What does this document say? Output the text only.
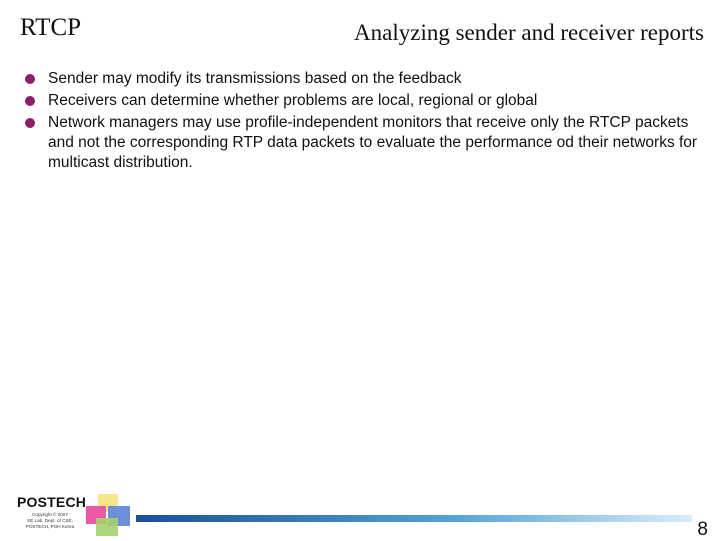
RTCP	Analyzing sender and receiver reports
Sender may modify its transmissions based on the feedback
Receivers can determine whether problems are local, regional or global
Network managers may use profile-independent monitors that receive only the RTCP packets and not the corresponding RTP data packets to evaluate the performance od their networks for multicast distribution.
POSTECH
Copyright © 2007
SE Lab. Dept. of CSE,
POSTECH, POH Korea	8
